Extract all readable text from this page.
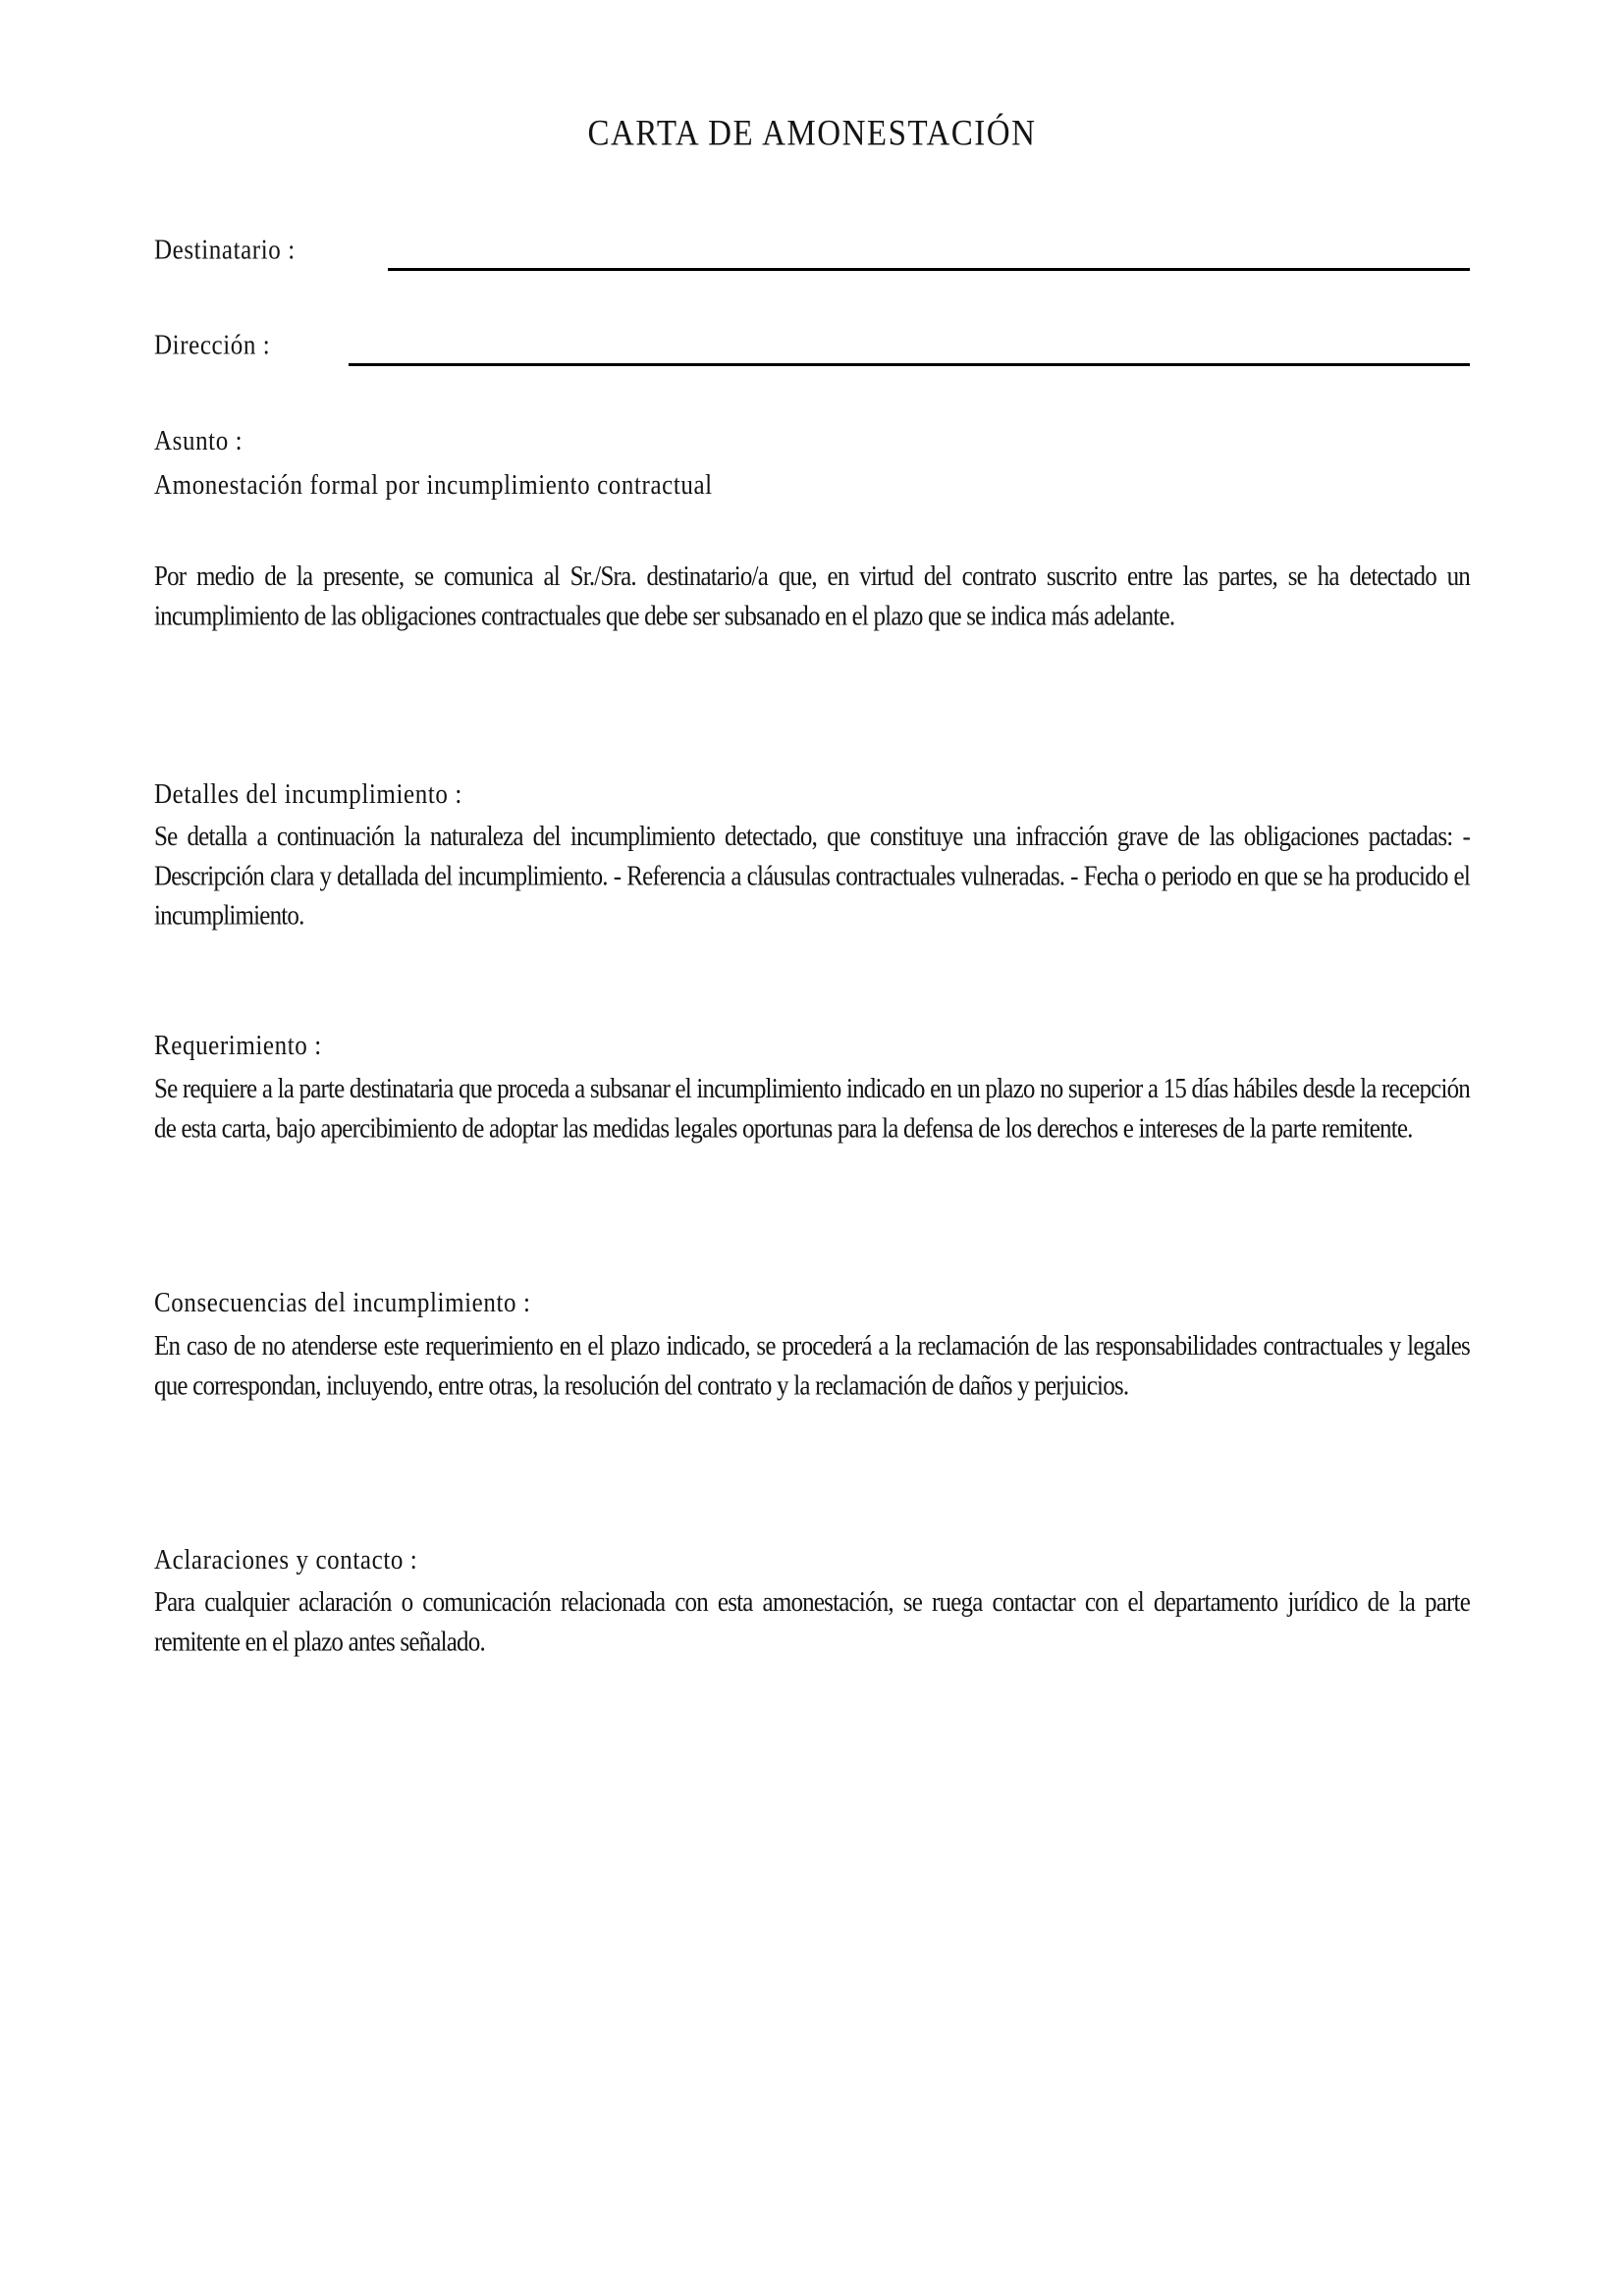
CARTA DE AMONESTACIÓN
Destinatario :
Dirección :
Asunto :
Amonestación formal por incumplimiento contractual
Por medio de la presente, se comunica al Sr./Sra. destinatario/a que, en virtud del contrato suscrito entre las partes, se ha detectado un incumplimiento de las obligaciones contractuales que debe ser subsanado en el plazo que se indica más adelante.
Detalles del incumplimiento :
Se detalla a continuación la naturaleza del incumplimiento detectado, que constituye una infracción grave de las obligaciones pactadas: - Descripción clara y detallada del incumplimiento. - Referencia a cláusulas contractuales vulneradas. - Fecha o periodo en que se ha producido el incumplimiento.
Requerimiento :
Se requiere a la parte destinataria que proceda a subsanar el incumplimiento indicado en un plazo no superior a 15 días hábiles desde la recepción de esta carta, bajo apercibimiento de adoptar las medidas legales oportunas para la defensa de los derechos e intereses de la parte remitente.
Consecuencias del incumplimiento :
En caso de no atenderse este requerimiento en el plazo indicado, se procederá a la reclamación de las responsabilidades contractuales y legales que correspondan, incluyendo, entre otras, la resolución del contrato y la reclamación de daños y perjuicios.
Aclaraciones y contacto :
Para cualquier aclaración o comunicación relacionada con esta amonestación, se ruega contactar con el departamento jurídico de la parte remitente en el plazo antes señalado.
